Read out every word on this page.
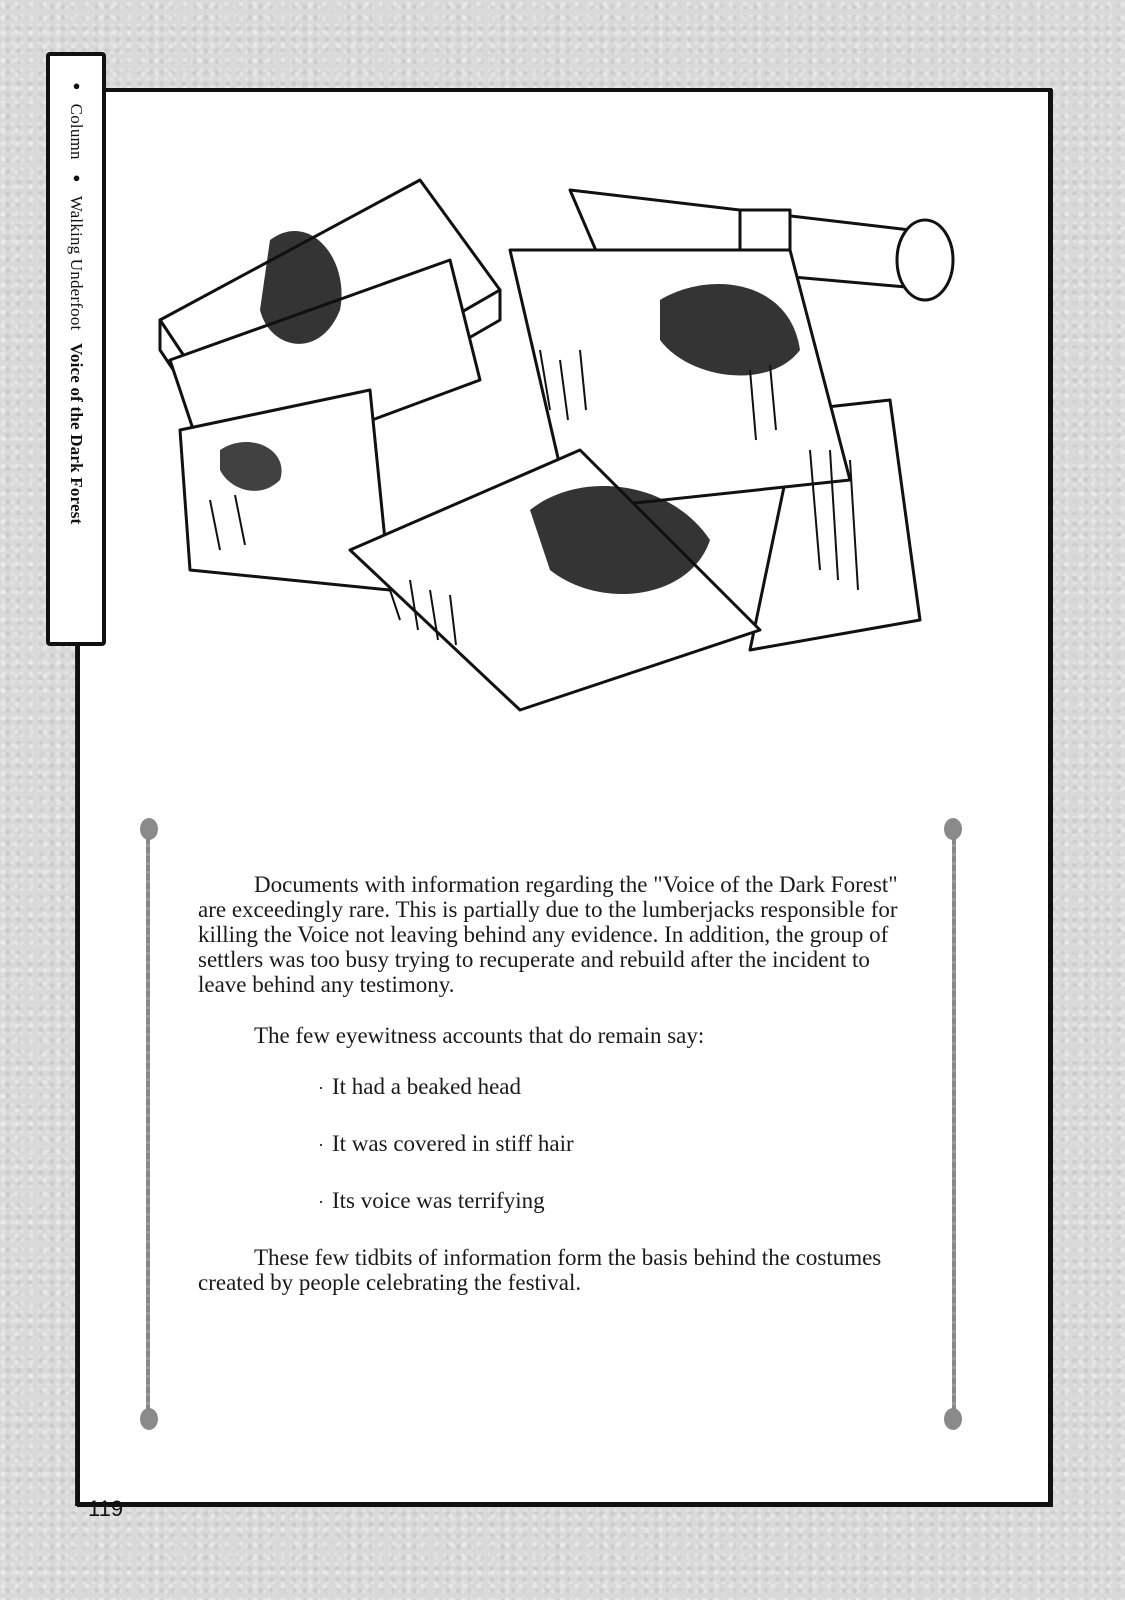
● Column ● Walking Underfoot Voice of the Dark Forest

Documents with information regarding the "Voice of the Dark Forest" are exceedingly rare. This is partially due to the lumberjacks responsible for killing the Voice not leaving behind any evidence. In addition, the group of settlers was too busy trying to recuperate and rebuild after the incident to leave behind any testimony.

The few eyewitness accounts that do remain say:

· It had a beaked head
· It was covered in stiff hair
· Its voice was terrifying

These few tidbits of information form the basis behind the costumes created by people celebrating the festival.

119
